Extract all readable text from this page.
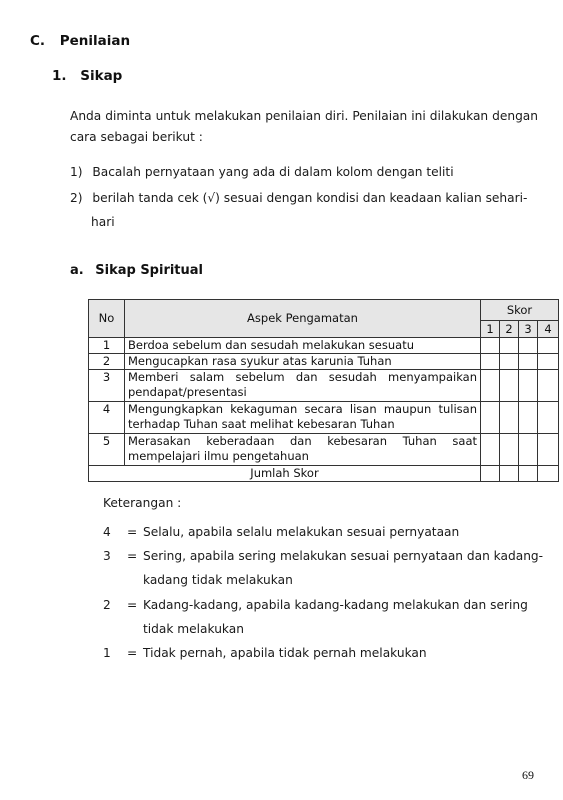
C. Penilaian
1. Sikap
Anda diminta untuk melakukan penilaian diri. Penilaian ini dilakukan dengan cara sebagai berikut :
1) Bacalah pernyataan yang ada di dalam kolom dengan teliti
2) berilah tanda cek (√) sesuai dengan kondisi dan keadaan kalian sehari-
hari
a. Sikap Spiritual
No	Aspek Pengamatan	Skor			
		1	2	3	4
1	Berdoa sebelum dan sesudah melakukan sesuatu				
2	Mengucapkan rasa syukur atas karunia Tuhan				
3	Memberi salam sebelum dan sesudah menyampaikan pendapat/presentasi				
4	Mengungkapkan kekaguman secara lisan maupun tulisan terhadap Tuhan saat melihat kebesaran Tuhan				
5	Merasakan keberadaan dan kebesaran Tuhan saat mempelajari ilmu pengetahuan				
Jumlah Skor					
Keterangan :
4 = Selalu, apabila selalu melakukan sesuai pernyataan
3 = Sering, apabila sering melakukan sesuai pernyataan dan kadang-
kadang tidak melakukan
2 = Kadang-kadang, apabila kadang-kadang melakukan dan sering
tidak melakukan
1 = Tidak pernah, apabila tidak pernah melakukan
69
